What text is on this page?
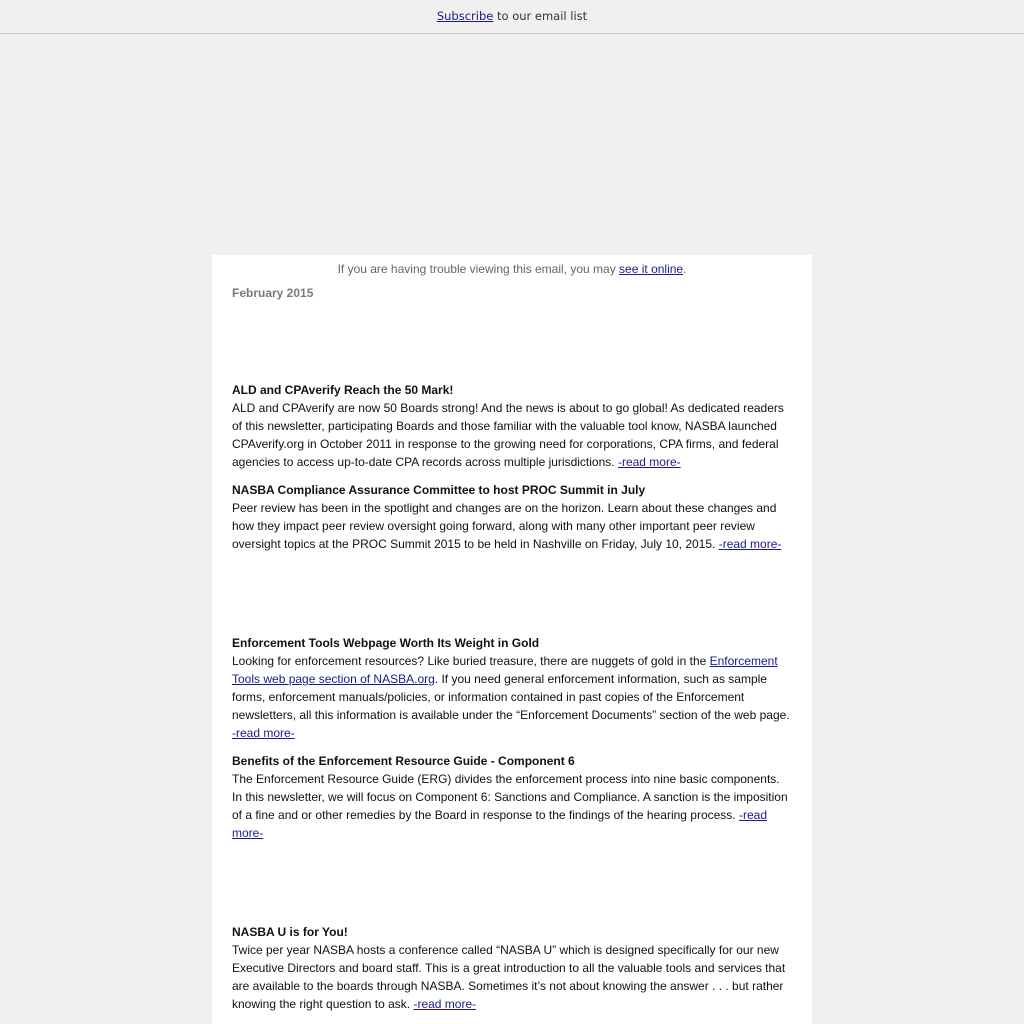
Subscribe to our email list
If you are having trouble viewing this email, you may see it online.
February 2015
ALD and CPAverify Reach the 50 Mark!

ALD and CPAverify are now 50 Boards strong! And the news is about to go global! As dedicated readers of this newsletter, participating Boards and those familiar with the valuable tool know, NASBA launched CPAverify.org in October 2011 in response to the growing need for corporations, CPA firms, and federal agencies to access up-to-date CPA records across multiple jurisdictions. -read more-

NASBA Compliance Assurance Committee to host PROC Summit in July

Peer review has been in the spotlight and changes are on the horizon. Learn about these changes and how they impact peer review oversight going forward, along with many other important peer review oversight topics at the PROC Summit 2015 to be held in Nashville on Friday, July 10, 2015. -read more-

Enforcement Tools Webpage Worth Its Weight in Gold

Looking for enforcement resources? Like buried treasure, there are nuggets of gold in the Enforcement Tools web page section of NASBA.org. If you need general enforcement information, such as sample forms, enforcement manuals/policies, or information contained in past copies of the Enforcement newsletters, all this information is available under the “Enforcement Documents” section of the web page. -read more-

Benefits of the Enforcement Resource Guide - Component 6

The Enforcement Resource Guide (ERG) divides the enforcement process into nine basic components. In this newsletter, we will focus on Component 6: Sanctions and Compliance. A sanction is the imposition of a fine and or other remedies by the Board in response to the findings of the hearing process. -read more-

NASBA U is for You!

Twice per year NASBA hosts a conference called “NASBA U” which is designed specifically for our new Executive Directors and board staff. This is a great introduction to all the valuable tools and services that are available to the boards through NASBA. Sometimes it’s not about knowing the answer . . . but rather knowing the right question to ask. -read more-
